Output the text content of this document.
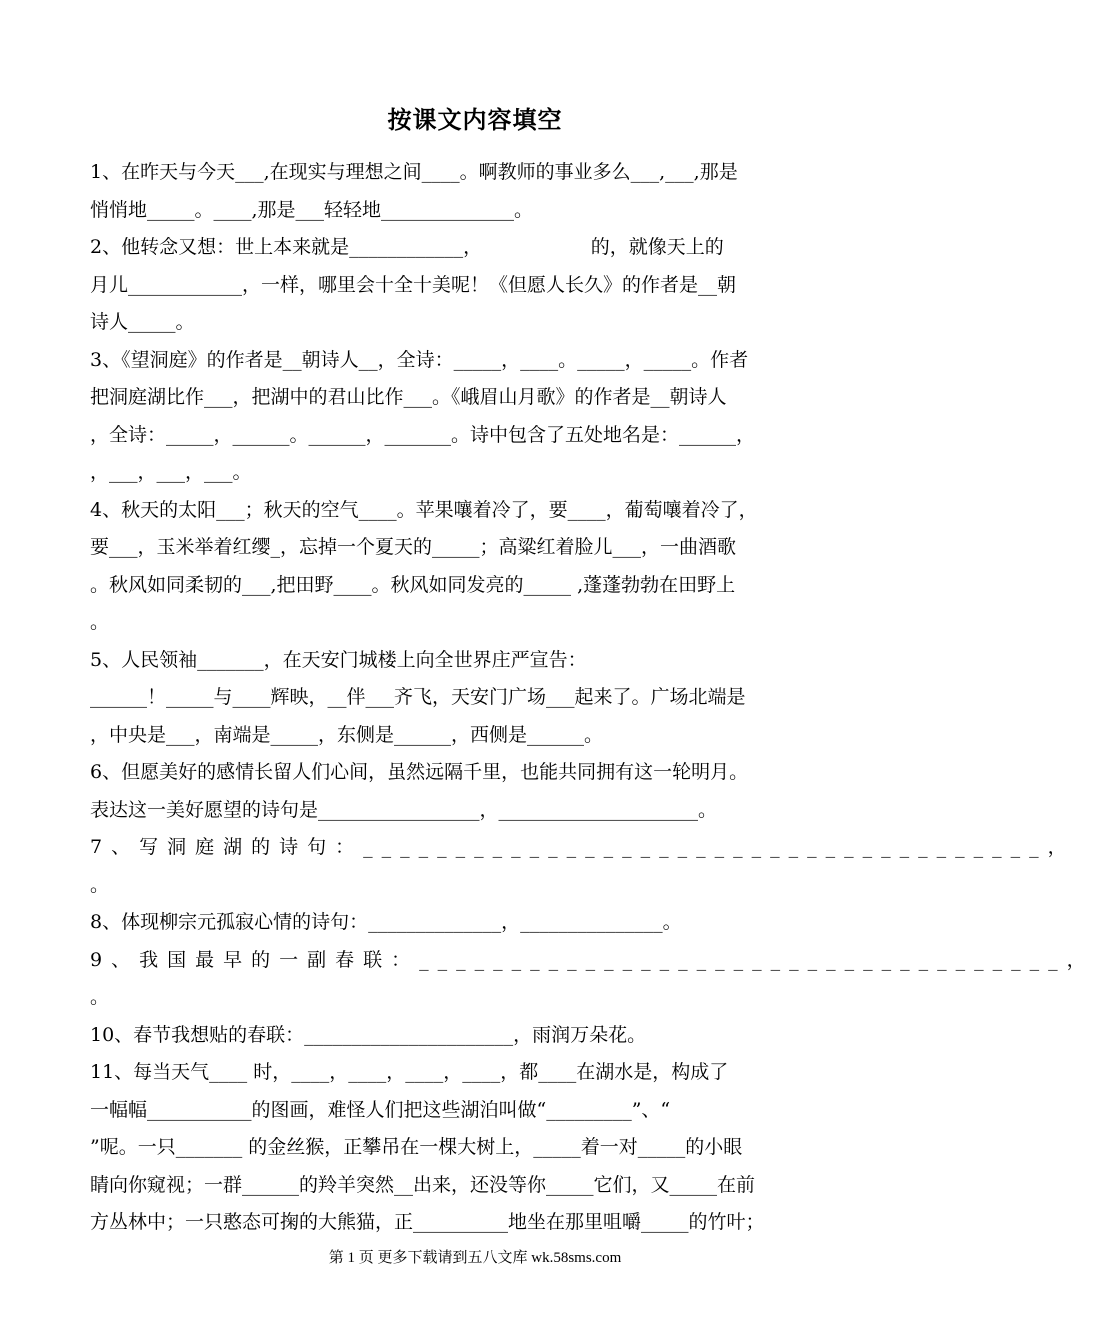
按课文内容填空
1、在昨天与今天___,在现实与理想之间____。啊教师的事业多么___,___,那是
悄悄地_____。____,那是___轻轻地______________。
2、他转念又想：世上本来就是____________，                  的，就像天上的
月儿____________，一样，哪里会十全十美呢！《但愿人长久》的作者是__朝
诗人_____。
3、《望洞庭》的作者是__朝诗人__，全诗：_____，____。_____，_____。作者
把洞庭湖比作___，把湖中的君山比作___。《峨眉山月歌》的作者是__朝诗人
，全诗：_____，______。______，_______。诗中包含了五处地名是：______，
，___，___，___。
4、秋天的太阳___；秋天的空气____。苹果嚷着冷了，要____，葡萄嚷着冷了，
要___，玉米举着红缨_，忘掉一个夏天的_____；高粱红着脸儿___，一曲酒歌
。秋风如同柔韧的___,把田野____。秋风如同发亮的_____ ,蓬蓬勃勃在田野上
。
5、人民领袖_______，在天安门城楼上向全世界庄严宣告：
______！_____与____辉映，__伴___齐飞，天安门广场___起来了。广场北端是
，中央是___，南端是_____，东侧是______，西侧是______。
6、但愿美好的感情长留人们心间，虽然远隔千里，也能共同拥有这一轮明月。
表达这一美好愿望的诗句是_________________，_____________________。
7、写洞庭湖的诗句：_____________________________________，
。
8、体现柳宗元孤寂心情的诗句：______________，_______________。
9、我国最早的一副春联：___________________________________，
。
10、春节我想贴的春联：______________________，雨润万朵花。
11、每当天气____ 时，____，____，____，____，都____在湖水是，构成了
一幅幅___________的图画，难怪人们把这些湖泊叫做“_________”、“
”呢。一只_______ 的金丝猴，正攀吊在一棵大树上，_____着一对_____的小眼
睛向你窥视；一群______的羚羊突然__出来，还没等你_____它们，又_____在前
方丛林中；一只憨态可掬的大熊猫，正__________地坐在那里咀嚼_____的竹叶；
第 1 页 更多下载请到五八文库 wk.58sms.com
